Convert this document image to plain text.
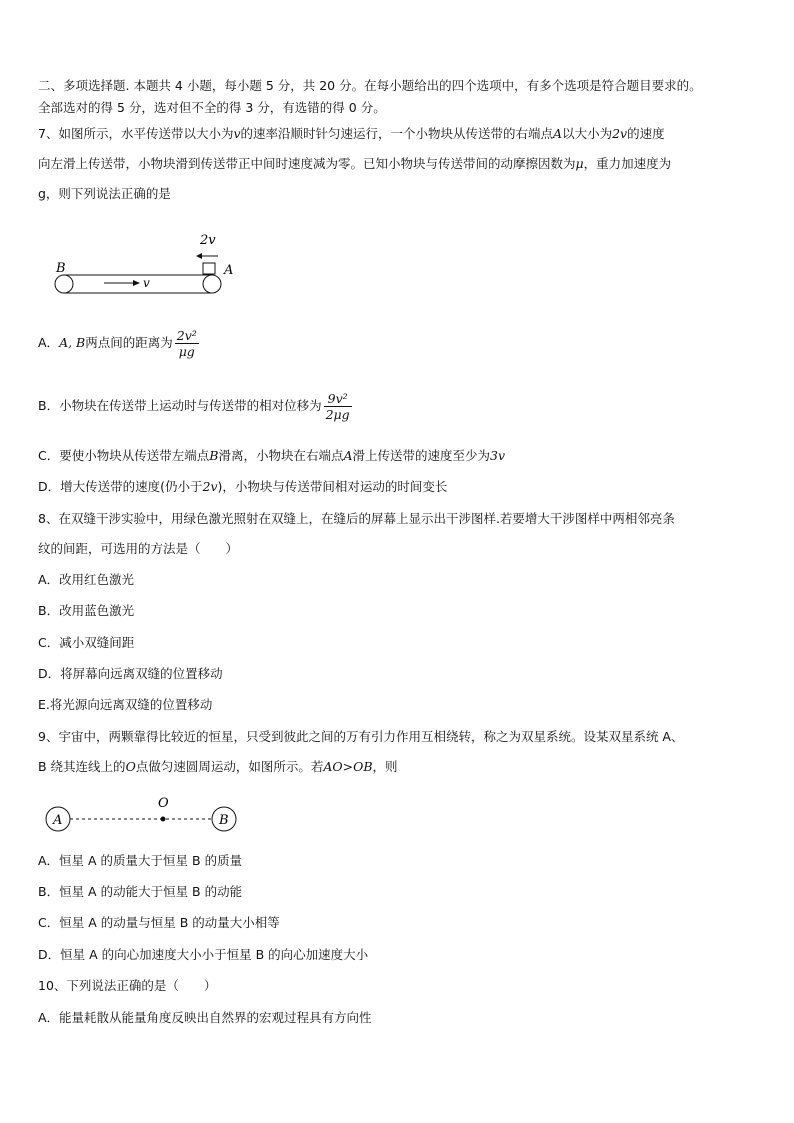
二、多项选择题. 本题共 4 小题，每小题 5 分，共 20 分。在每小题给出的四个选项中，有多个选项是符合题目要求的。
全部选对的得 5 分，选对但不全的得 3 分，有选错的得 0 分。
7、如图所示，水平传送带以大小为v的速率沿顺时针匀速运行，一个小物块从传送带的右端点A以大小为2v的速度
向左滑上传送带，小物块滑到传送带正中间时速度减为零。已知小物块与传送带间的动摩擦因数为μ，重力加速度为
g，则下列说法正确的是
2v
B	A
v
A．A, B两点间的距离为 $\frac{\text{2v²}}{\mu g}$
B．小物块在传送带上运动时与传送带的相对位移为 $\frac{\text{9v²}}{2\mu g}$
C．要使小物块从传送带左端点B滑离，小物块在右端点A滑上传送带的速度至少为3v
D．增大传送带的速度(仍小于2v)，小物块与传送带间相对运动的时间变长
8、在双缝干涉实验中，用绿色激光照射在双缝上，在缝后的屏幕上显示出干涉图样.若要增大干涉图样中两相邻亮条
纹的间距，可选用的方法是（　　）
A．改用红色激光
B．改用蓝色激光
C．减小双缝间距
D．将屏幕向远离双缝的位置移动
E.将光源向远离双缝的位置移动
9、宇宙中，两颗靠得比较近的恒星，只受到彼此之间的万有引力作用互相绕转，称之为双星系统。设某双星系统 A、
B 绕其连线上的O点做匀速圆周运动，如图所示。若AO>OB，则
A
O
B
A．恒星 A 的质量大于恒星 B 的质量
B．恒星 A 的动能大于恒星 B 的动能
C．恒星 A 的动量与恒星 B 的动量大小相等
D．恒星 A 的向心加速度大小小于恒星 B 的向心加速度大小
10、下列说法正确的是（　　）
A．能量耗散从能量角度反映出自然界的宏观过程具有方向性
